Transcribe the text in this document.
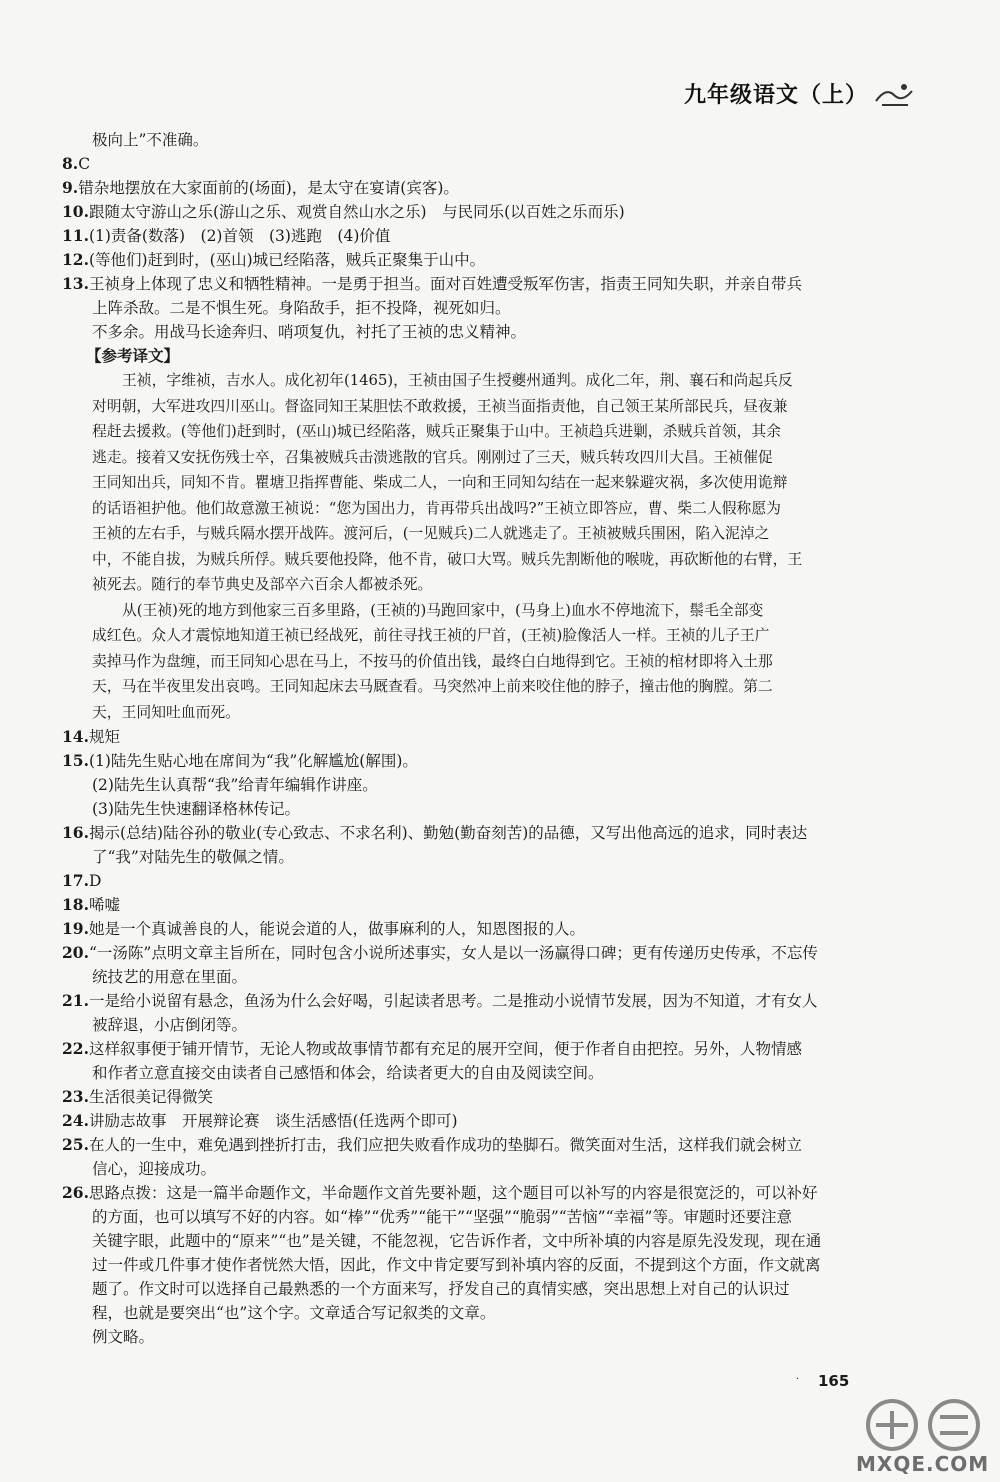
九年级语文（上）
极向上”不准确。
8.C
9.错杂地摆放在大家面前的(场面)，是太守在宴请(宾客)。
10.跟随太守游山之乐(游山之乐、观赏自然山水之乐)　与民同乐(以百姓之乐而乐)
11.(1)责备(数落)　(2)首领　(3)逃跑　(4)价值
12.(等他们)赶到时，(巫山)城已经陷落，贼兵正聚集于山中。
13.王祯身上体现了忠义和牺牲精神。一是勇于担当。面对百姓遭受叛军伤害，指责王同知失职，并亲自带兵
上阵杀敌。二是不惧生死。身陷敌手，拒不投降，视死如归。
不多余。用战马长途奔归、哨项复仇，衬托了王祯的忠义精神。
【参考译文】
王祯，字维祯，吉水人。成化初年(1465)，王祯由国子生授夔州通判。成化二年，荆、襄石和尚起兵反
对明朝，大军进攻四川巫山。督盗同知王某胆怯不敢救援，王祯当面指责他，自己领王某所部民兵，昼夜兼
程赶去援救。(等他们)赶到时，(巫山)城已经陷落，贼兵正聚集于山中。王祯趋兵进剿，杀贼兵首领，其余
逃走。接着又安抚伤残士卒，召集被贼兵击溃逃散的官兵。刚刚过了三天，贼兵转攻四川大昌。王祯催促
王同知出兵，同知不肯。瞿塘卫指挥曹能、柴成二人，一向和王同知勾结在一起来躲避灾祸，多次使用诡辩
的话语袒护他。他们故意激王祯说：“您为国出力，肯再带兵出战吗?”王祯立即答应，曹、柴二人假称愿为
王祯的左右手，与贼兵隔水摆开战阵。渡河后，(一见贼兵)二人就逃走了。王祯被贼兵围困，陷入泥淖之
中，不能自拔，为贼兵所俘。贼兵要他投降，他不肯，破口大骂。贼兵先割断他的喉咙，再砍断他的右臂，王
祯死去。随行的奉节典史及部卒六百余人都被杀死。
从(王祯)死的地方到他家三百多里路，(王祯的)马跑回家中，(马身上)血水不停地流下，鬃毛全部变
成红色。众人才震惊地知道王祯已经战死，前往寻找王祯的尸首，(王祯)脸像活人一样。王祯的儿子王广
卖掉马作为盘缠，而王同知心思在马上，不按马的价值出钱，最终白白地得到它。王祯的棺材即将入土那
天，马在半夜里发出哀鸣。王同知起床去马厩查看。马突然冲上前来咬住他的脖子，撞击他的胸膛。第二
天，王同知吐血而死。
14.规矩
15.(1)陆先生贴心地在席间为“我”化解尴尬(解围)。
(2)陆先生认真帮“我”给青年编辑作讲座。
(3)陆先生快速翻译格林传记。
16.揭示(总结)陆谷孙的敬业(专心致志、不求名利)、勤勉(勤奋刻苦)的品德，又写出他高远的追求，同时表达
了“我”对陆先生的敬佩之情。
17.D
18.唏嘘
19.她是一个真诚善良的人，能说会道的人，做事麻利的人，知恩图报的人。
20.“一汤陈”点明文章主旨所在，同时包含小说所述事实，女人是以一汤赢得口碑；更有传递历史传承，不忘传
统技艺的用意在里面。
21.一是给小说留有悬念，鱼汤为什么会好喝，引起读者思考。二是推动小说情节发展，因为不知道，才有女人
被辞退，小店倒闭等。
22.这样叙事便于铺开情节，无论人物或故事情节都有充足的展开空间，便于作者自由把控。另外，人物情感
和作者立意直接交由读者自己感悟和体会，给读者更大的自由及阅读空间。
23.生活很美记得微笑
24.讲励志故事　开展辩论赛　谈生活感悟(任选两个即可)
25.在人的一生中，难免遇到挫折打击，我们应把失败看作成功的垫脚石。微笑面对生活，这样我们就会树立
信心，迎接成功。
26.思路点拨：这是一篇半命题作文，半命题作文首先要补题，这个题目可以补写的内容是很宽泛的，可以补好
的方面，也可以填写不好的内容。如“棒”“优秀”“能干”“坚强”“脆弱”“苦恼”“幸福”等。审题时还要注意
关键字眼，此题中的“原来”“也”是关键，不能忽视，它告诉作者，文中所补填的内容是原先没发现，现在通
过一件或几件事才使作者恍然大悟，因此，作文中肯定要写到补填内容的反面，不提到这个方面，作文就离
题了。作文时可以选择自己最熟悉的一个方面来写，抒发自己的真情实感，突出思想上对自己的认识过
程，也就是要突出“也”这个字。文章适合写记叙类的文章。
例文略。
· 165
MXQE.COM
